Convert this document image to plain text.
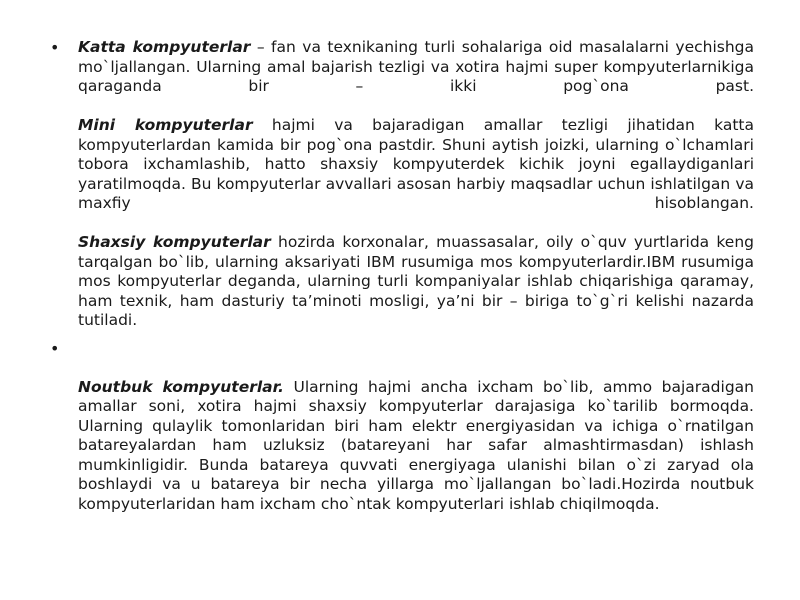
• Katta kompyuterlar – fan va texnikaning turli sohalariga oid masalalarni yechishga mo`ljallangan. Ularning amal bajarish tezligi va xotira hajmi super kompyuterlarnikiga qaraganda bir – ikki pog`ona past.

Mini kompyuterlar hajmi va bajaradigan amallar tezligi jihatidan katta kompyuterlardan kamida bir pog`ona pastdir. Shuni aytish joizki, ularning o`lchamlari tobora ixchamlashib, hatto shaxsiy kompyuterdek kichik joyni egallaydiganlari yaratilmoqda. Bu kompyuterlar avvallari asosan harbiy maqsadlar uchun ishlatilgan va maxfiy hisoblangan.

Shaxsiy kompyuterlar hozirda korxonalar, muassasalar, oily o`quv yurtlarida keng tarqalgan bo`lib, ularning aksariyati IBM rusumiga mos kompyuterlardir.IBM rusumiga mos kompyuterlar deganda, ularning turli kompaniyalar ishlab chiqarishiga qaramay, ham texnik, ham dasturiy ta’minoti mosligi, ya’ni bir – biriga to`g`ri kelishi nazarda tutiladi.

•

Noutbuk kompyuterlar. Ularning hajmi ancha ixcham bo`lib, ammo bajaradigan amallar soni, xotira hajmi shaxsiy kompyuterlar darajasiga ko`tarilib bormoqda. Ularning qulaylik tomonlaridan biri ham elektr energiyasidan va ichiga o`rnatilgan batareyalardan ham uzluksiz (batareyani har safar almashtirmasdan) ishlash mumkinligidir. Bunda batareya quvvati energiyaga ulanishi bilan o`zi zaryad ola boshlaydi va u batareya bir necha yillarga mo`ljallangan bo`ladi.Hozirda noutbuk kompyuterlaridan ham ixcham cho`ntak kompyuterlari ishlab chiqilmoqda.
